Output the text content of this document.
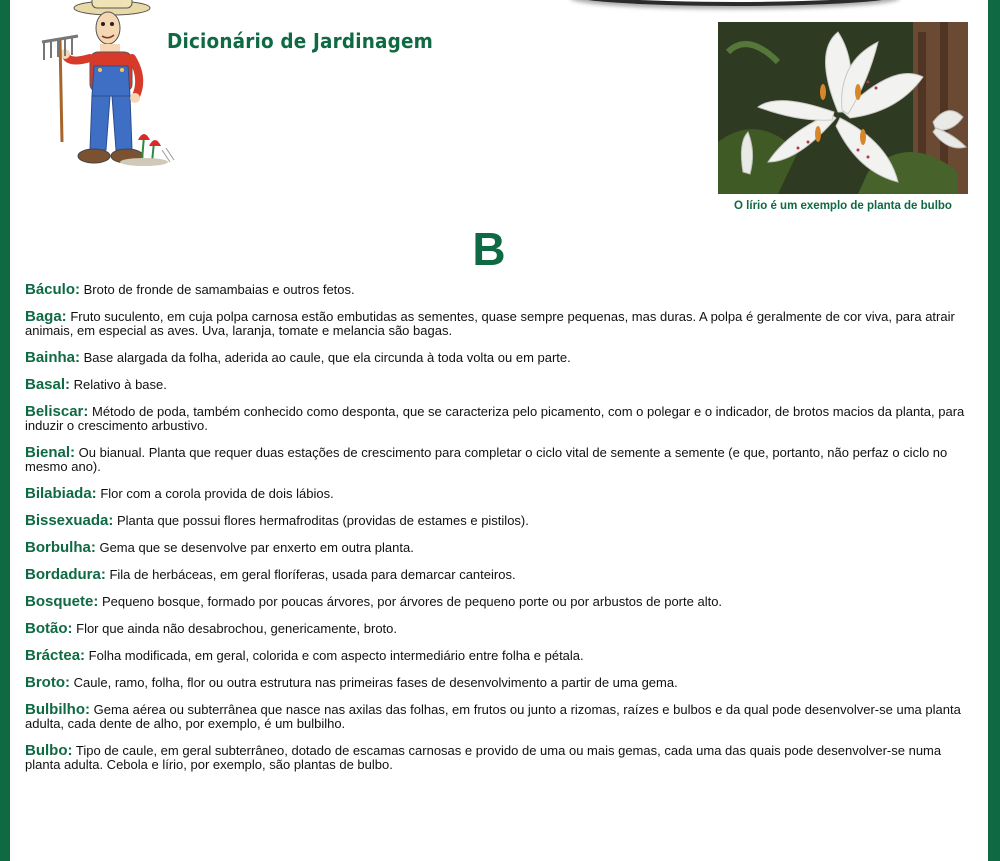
Dicionário de Jardinagem
O lírio é um exemplo de planta de bulbo
B

Báculo: Broto de fronde de samambaias e outros fetos.

Baga: Fruto suculento, em cuja polpa carnosa estão embutidas as sementes, quase sempre pequenas, mas duras. A polpa é geralmente de cor viva, para atrair animais, em especial as aves. Uva, laranja, tomate e melancia são bagas.

Bainha: Base alargada da folha, aderida ao caule, que ela circunda à toda volta ou em parte.

Basal: Relativo à base.

Beliscar: Método de poda, também conhecido como desponta, que se caracteriza pelo picamento, com o polegar e o indicador, de brotos macios da planta, para induzir o crescimento arbustivo.

Bienal: Ou bianual. Planta que requer duas estações de crescimento para completar o ciclo vital de semente a semente (e que, portanto, não perfaz o ciclo no mesmo ano).

Bilabiada: Flor com a corola provida de dois lábios.

Bissexuada: Planta que possui flores hermafroditas (providas de estames e pistilos).

Borbulha: Gema que se desenvolve par enxerto em outra planta.

Bordadura: Fila de herbáceas, em geral floríferas, usada para demarcar canteiros.

Bosquete: Pequeno bosque, formado por poucas árvores, por árvores de pequeno porte ou por arbustos de porte alto.

Botão: Flor que ainda não desabrochou, genericamente, broto.

Bráctea: Folha modificada, em geral, colorida e com aspecto intermediário entre folha e pétala.

Broto: Caule, ramo, folha, flor ou outra estrutura nas primeiras fases de desenvolvimento a partir de uma gema.

Bulbilho: Gema aérea ou subterrânea que nasce nas axilas das folhas, em frutos ou junto a rizomas, raízes e bulbos e da qual pode desenvolver-se uma planta adulta, cada dente de alho, por exemplo, é um bulbilho.

Bulbo: Tipo de caule, em geral subterrâneo, dotado de escamas carnosas e provido de uma ou mais gemas, cada uma das quais pode desenvolver-se numa planta adulta. Cebola e lírio, por exemplo, são plantas de bulbo.
